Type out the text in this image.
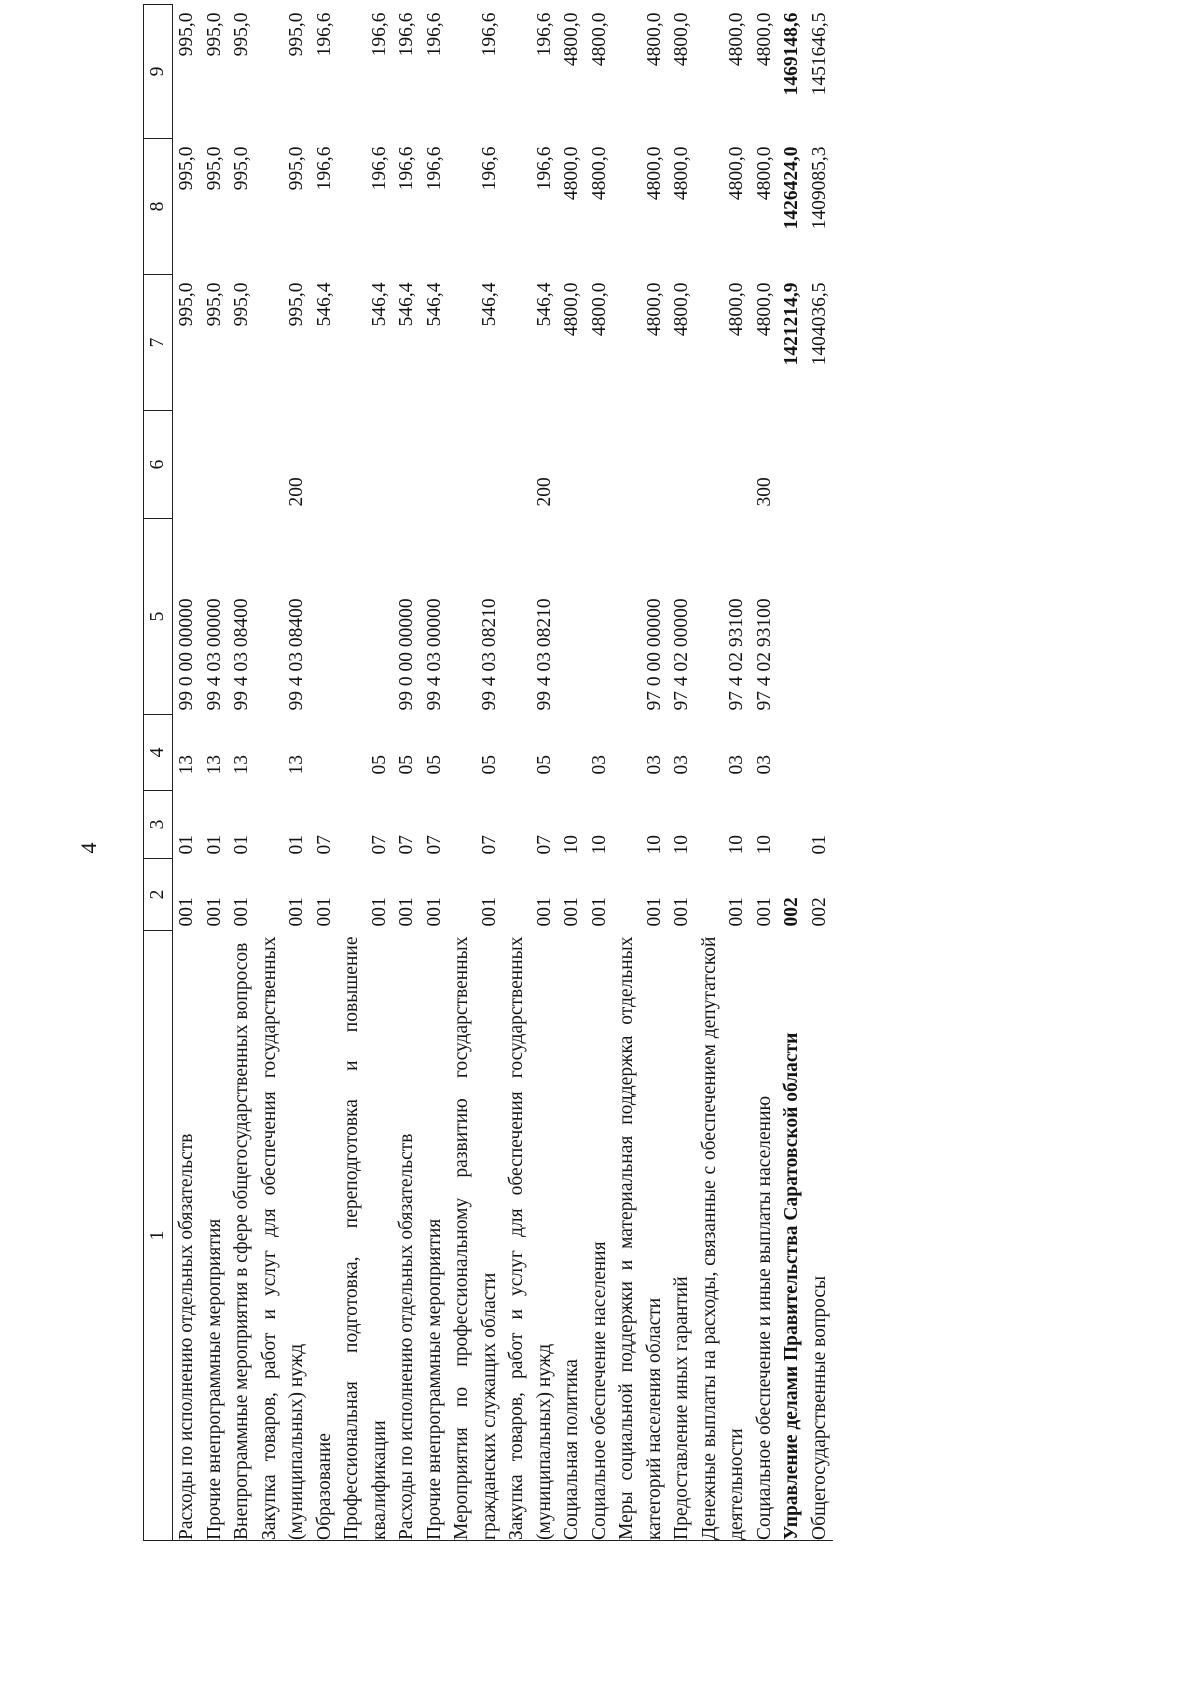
4
1	2	3	4	5	6	7	8	9
Расходы по исполнению отдельных обязательств	001	01	13	99 0 00 00000		995,0	995,0	995,0
Прочие внепрограммные мероприятия	001	01	13	99 4 03 00000		995,0	995,0	995,0
Внепрограммные мероприятия в сфере общегосударственных вопросов	001	01	13	99 4 03 08400		995,0	995,0	995,0
Закупка товаров, работ и услуг для обеспечения государственных (муниципальных) нужд	001	01	13	99 4 03 08400	200	995,0	995,0	995,0
Образование	001	07				546,4	196,6	196,6
Профессиональная подготовка, переподготовка и повышение квалификации	001	07	05			546,4	196,6	196,6
Расходы по исполнению отдельных обязательств	001	07	05	99 0 00 00000		546,4	196,6	196,6
Прочие внепрограммные мероприятия	001	07	05	99 4 03 00000		546,4	196,6	196,6
Мероприятия по профессиональному развитию государственных гражданских служащих области	001	07	05	99 4 03 08210		546,4	196,6	196,6
Закупка товаров, работ и услуг для обеспечения государственных (муниципальных) нужд	001	07	05	99 4 03 08210	200	546,4	196,6	196,6
Социальная политика	001	10				4800,0	4800,0	4800,0
Социальное обеспечение населения	001	10	03			4800,0	4800,0	4800,0
Меры социальной поддержки и материальная поддержка отдельных категорий населения области	001	10	03	97 0 00 00000		4800,0	4800,0	4800,0
Предоставление иных гарантий	001	10	03	97 4 02 00000		4800,0	4800,0	4800,0
Денежные выплаты на расходы, связанные с обеспечением депутатской деятельности	001	10	03	97 4 02 93100		4800,0	4800,0	4800,0
Социальное обеспечение и иные выплаты населению	001	10	03	97 4 02 93100	300	4800,0	4800,0	4800,0
Управление делами Правительства Саратовской области	002					1421214,9	1426424,0	1469148,6
Общегосударственные вопросы	002	01				1404036,5	1409085,3	1451646,5
